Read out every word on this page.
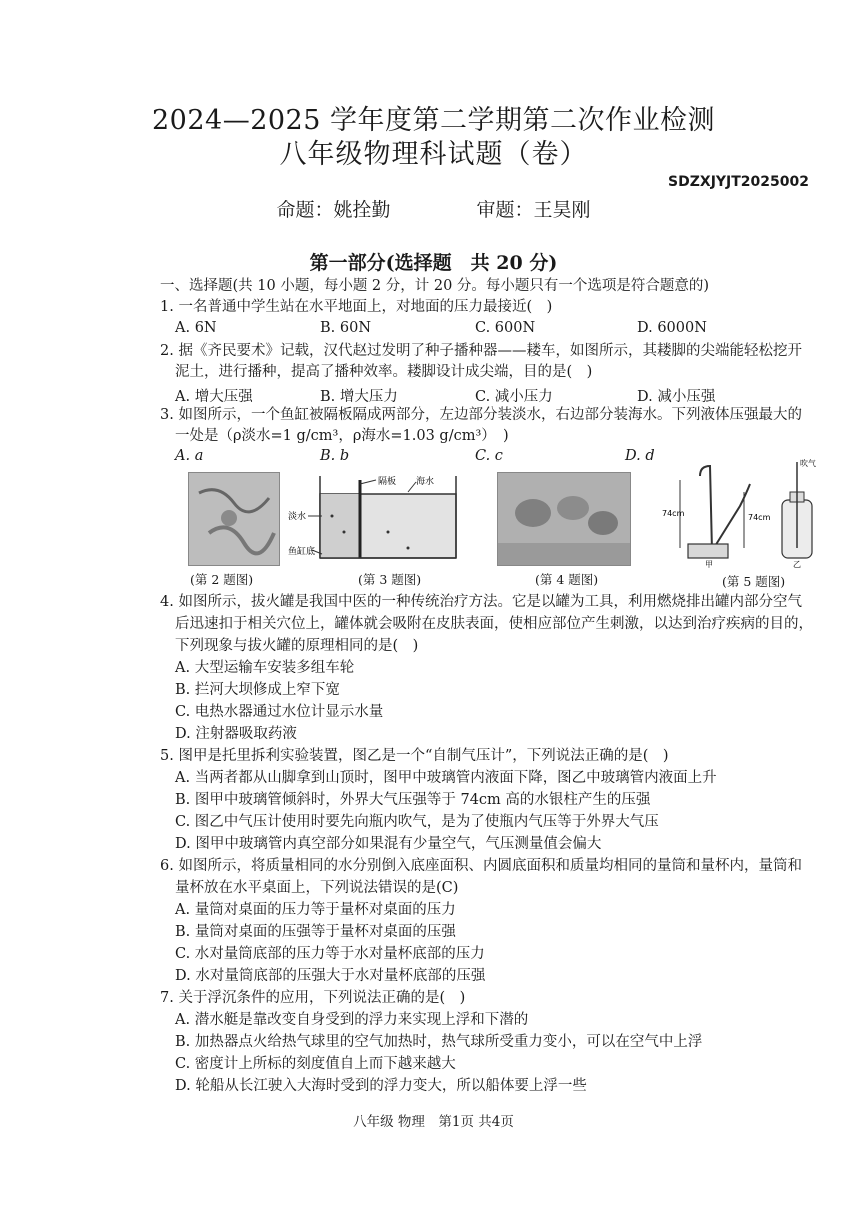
2024—2025 学年度第二学期第二次作业检测
八年级物理科试题（卷）
SDZXJYJT2025002
命题：姚拴勤	审题：王昊刚
第一部分(选择题　共 20 分)
一、选择题(共 10 小题，每小题 2 分，计 20 分。每小题只有一个选项是符合题意的)
1. 一名普通中学生站在水平地面上，对地面的压力最接近(　)
A. 6N	B. 60N	C. 600N	D. 6000N
2. 据《齐民要术》记载，汉代赵过发明了种子播种器——耧车，如图所示，其耧脚的尖端能轻松挖开
泥土，进行播种，提高了播种效率。耧脚设计成尖端，目的是(　)
A. 增大压强	B. 增大压力	C. 减小压力	D. 减小压强
3. 如图所示，一个鱼缸被隔板隔成两部分，左边部分装淡水，右边部分装海水。下列液体压强最大的
一处是（ρ淡水=1 g/cm³，ρ海水=1.03 g/cm³）　)
A. a	B. b	C. c	D. d
(第 2 题图)
隔板 海水
淡水
鱼缸底
(第 3 题图)	(第 4 题图)
74cm	74cm
甲	乙
吹气
(第 5 题图)
4. 如图所示，拔火罐是我国中医的一种传统治疗方法。它是以罐为工具，利用燃烧排出罐内部分空气
后迅速扣于相关穴位上，罐体就会吸附在皮肤表面，使相应部位产生刺激，以达到治疗疾病的目的，
下列现象与拔火罐的原理相同的是(　)
A. 大型运输车安装多组车轮
B. 拦河大坝修成上窄下宽
C. 电热水器通过水位计显示水量
D. 注射器吸取药液
5. 图甲是托里拆利实验装置，图乙是一个“自制气压计”，下列说法正确的是(　)
A. 当两者都从山脚拿到山顶时，图甲中玻璃管内液面下降，图乙中玻璃管内液面上升
B. 图甲中玻璃管倾斜时，外界大气压强等于 74cm 高的水银柱产生的压强
C. 图乙中气压计使用时要先向瓶内吹气，是为了使瓶内气压等于外界大气压
D. 图甲中玻璃管内真空部分如果混有少量空气，气压测量值会偏大
6. 如图所示，将质量相同的水分别倒入底座面积、内圆底面积和质量均相同的量筒和量杯内，量筒和
量杯放在水平桌面上，下列说法错误的是(C)
A. 量筒对桌面的压力等于量杯对桌面的压力
B. 量筒对桌面的压强等于量杯对桌面的压强
C. 水对量筒底部的压力等于水对量杯底部的压力
D. 水对量筒底部的压强大于水对量杯底部的压强
7. 关于浮沉条件的应用，下列说法正确的是(　)
A. 潜水艇是靠改变自身受到的浮力来实现上浮和下潜的
B. 加热器点火给热气球里的空气加热时，热气球所受重力变小，可以在空气中上浮
C. 密度计上所标的刻度值自上而下越来越大
D. 轮船从长江驶入大海时受到的浮力变大，所以船体要上浮一些
八年级 物理　第1页 共4页
